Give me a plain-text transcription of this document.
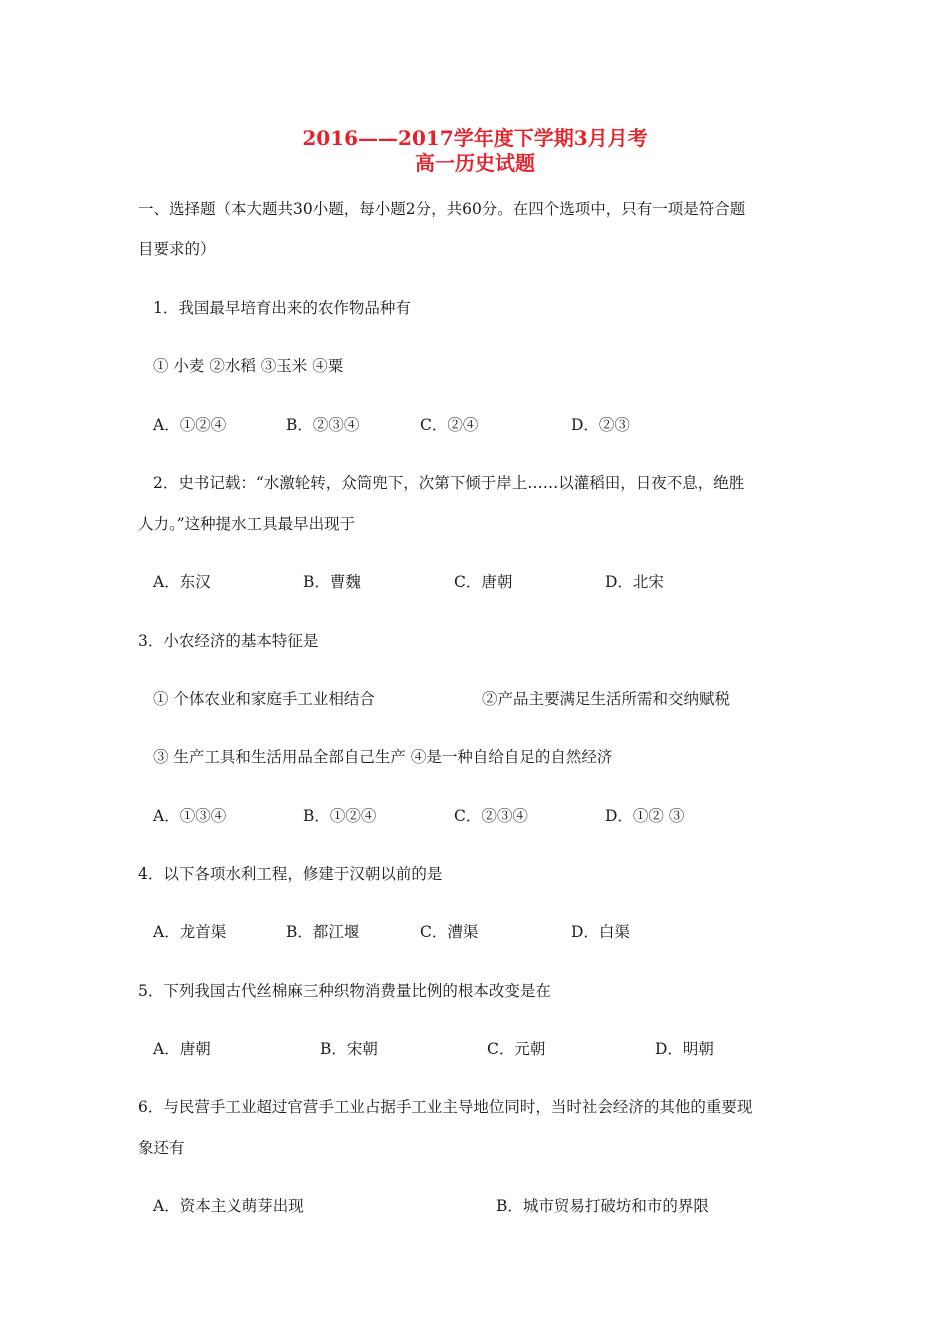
2016——2017学年度下学期3月月考
高一历史试题
一、选择题（本大题共30小题，每小题2分，共60分。在四个选项中，只有一项是符合题
目要求的）
1．我国最早培育出来的农作物品种有
① 小麦 ②水稻 ③玉米 ④粟
A．①②④	B．②③④	C．②④	D．②③
2．史书记载：“水激轮转，众筒兜下，次第下倾于岸上……以灌稻田，日夜不息，绝胜
人力。”这种提水工具最早出现于
A．东汉	B．曹魏	C．唐朝	D．北宋
3．小农经济的基本特征是
① 个体农业和家庭手工业相结合	②产品主要满足生活所需和交纳赋税
③ 生产工具和生活用品全部自己生产 ④是一种自给自足的自然经济
A．①③④	B．①②④	C．②③④	D．①② ③
4．以下各项水利工程，修建于汉朝以前的是
A．龙首渠	B．都江堰	C．漕渠	D．白渠
5．下列我国古代丝棉麻三种织物消费量比例的根本改变是在
A．唐朝	B．宋朝	C．元朝	D．明朝
6．与民营手工业超过官营手工业占据手工业主导地位同时，当时社会经济的其他的重要现
象还有
A．资本主义萌芽出现	B．城市贸易打破坊和市的界限
